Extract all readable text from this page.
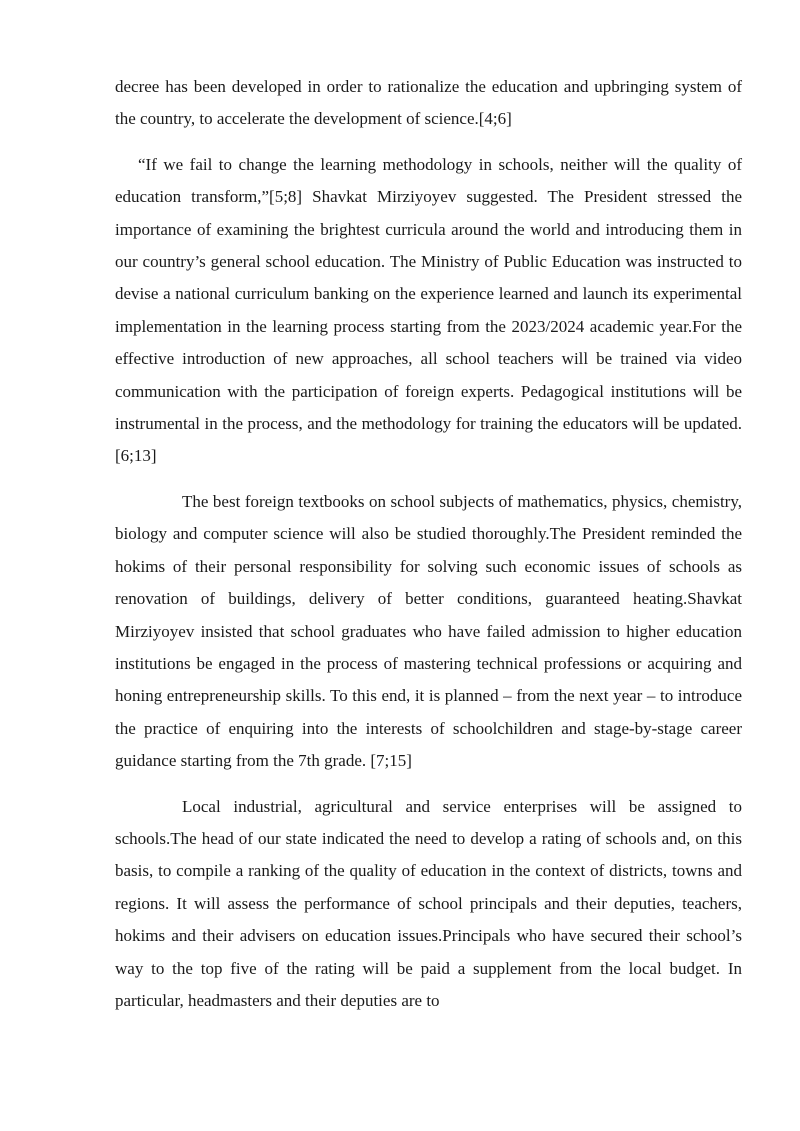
decree has been developed in order to rationalize the education and upbringing system of the country, to accelerate the development of science.[4;6]

“If we fail to change the learning methodology in schools, neither will the quality of education transform,”[5;8] Shavkat Mirziyoyev suggested. The President stressed the importance of examining the brightest curricula around the world and introducing them in our country’s general school education. The Ministry of Public Education was instructed to devise a national curriculum banking on the experience learned and launch its experimental implementation in the learning process starting from the 2023/2024 academic year.For the effective introduction of new approaches, all school teachers will be trained via video communication with the participation of foreign experts. Pedagogical institutions will be instrumental in the process, and the methodology for training the educators will be updated.[6;13]

The best foreign textbooks on school subjects of mathematics, physics, chemistry, biology and computer science will also be studied thoroughly.The President reminded the hokims of their personal responsibility for solving such economic issues of schools as renovation of buildings, delivery of better conditions, guaranteed heating.Shavkat Mirziyoyev insisted that school graduates who have failed admission to higher education institutions be engaged in the process of mastering technical professions or acquiring and honing entrepreneurship skills. To this end, it is planned – from the next year – to introduce the practice of enquiring into the interests of schoolchildren and stage-by-stage career guidance starting from the 7th grade. [7;15]

Local industrial, agricultural and service enterprises will be assigned to schools.The head of our state indicated the need to develop a rating of schools and, on this basis, to compile a ranking of the quality of education in the context of districts, towns and regions. It will assess the performance of school principals and their deputies, teachers, hokims and their advisers on education issues.Principals who have secured their school’s way to the top five of the rating will be paid a supplement from the local budget. In particular, headmasters and their deputies are to
